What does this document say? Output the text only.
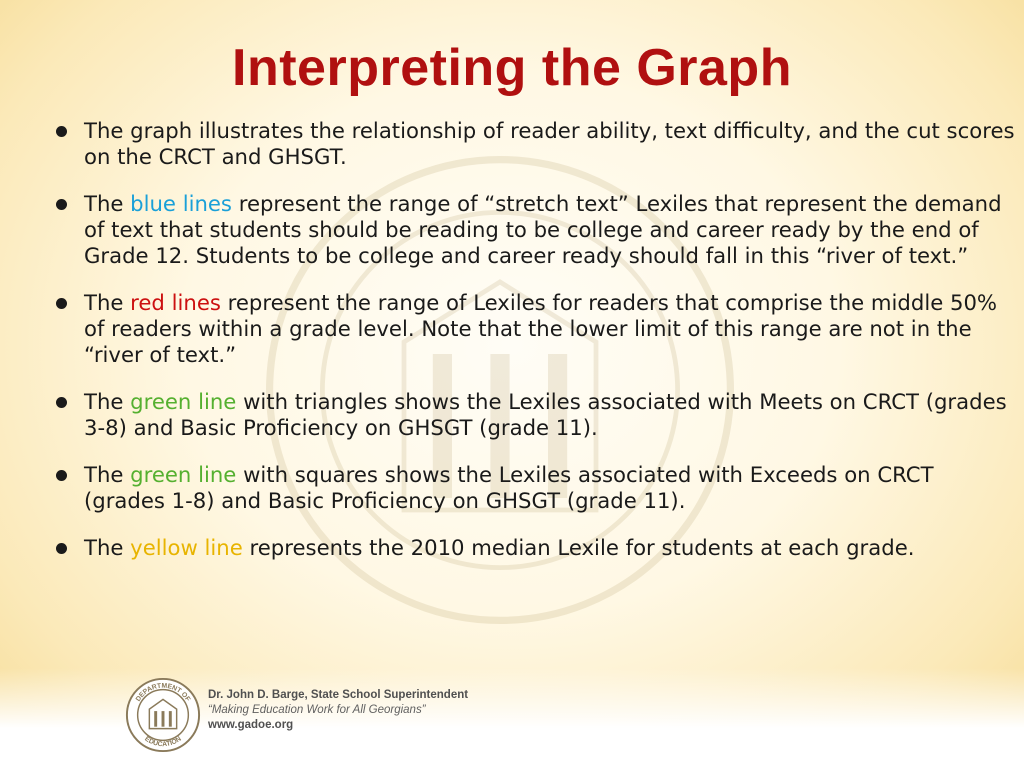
Interpreting the Graph
The graph illustrates the relationship of reader ability, text difficulty, and the cut scores on the CRCT and GHSGT.
The blue lines represent the range of “stretch text” Lexiles that represent the demand of text that students should be reading to be college and career ready by the end of Grade 12. Students to be college and career ready should fall in this “river of text.”
The red lines represent the range of Lexiles for readers that comprise the middle 50% of readers within a grade level. Note that the lower limit of this range are not in the “river of text.”
The green line with triangles shows the Lexiles associated with Meets on CRCT (grades 3-8) and Basic Proficiency on GHSGT (grade 11).
The green line with squares shows the Lexiles associated with Exceeds on CRCT (grades 1-8) and Basic Proficiency on GHSGT (grade 11).
The yellow line represents the 2010 median Lexile for students at each grade.
DEPARTMENT OF
EDUCATION
Dr. John D. Barge, State School Superintendent
“Making Education Work for All Georgians”
www.gadoe.org
